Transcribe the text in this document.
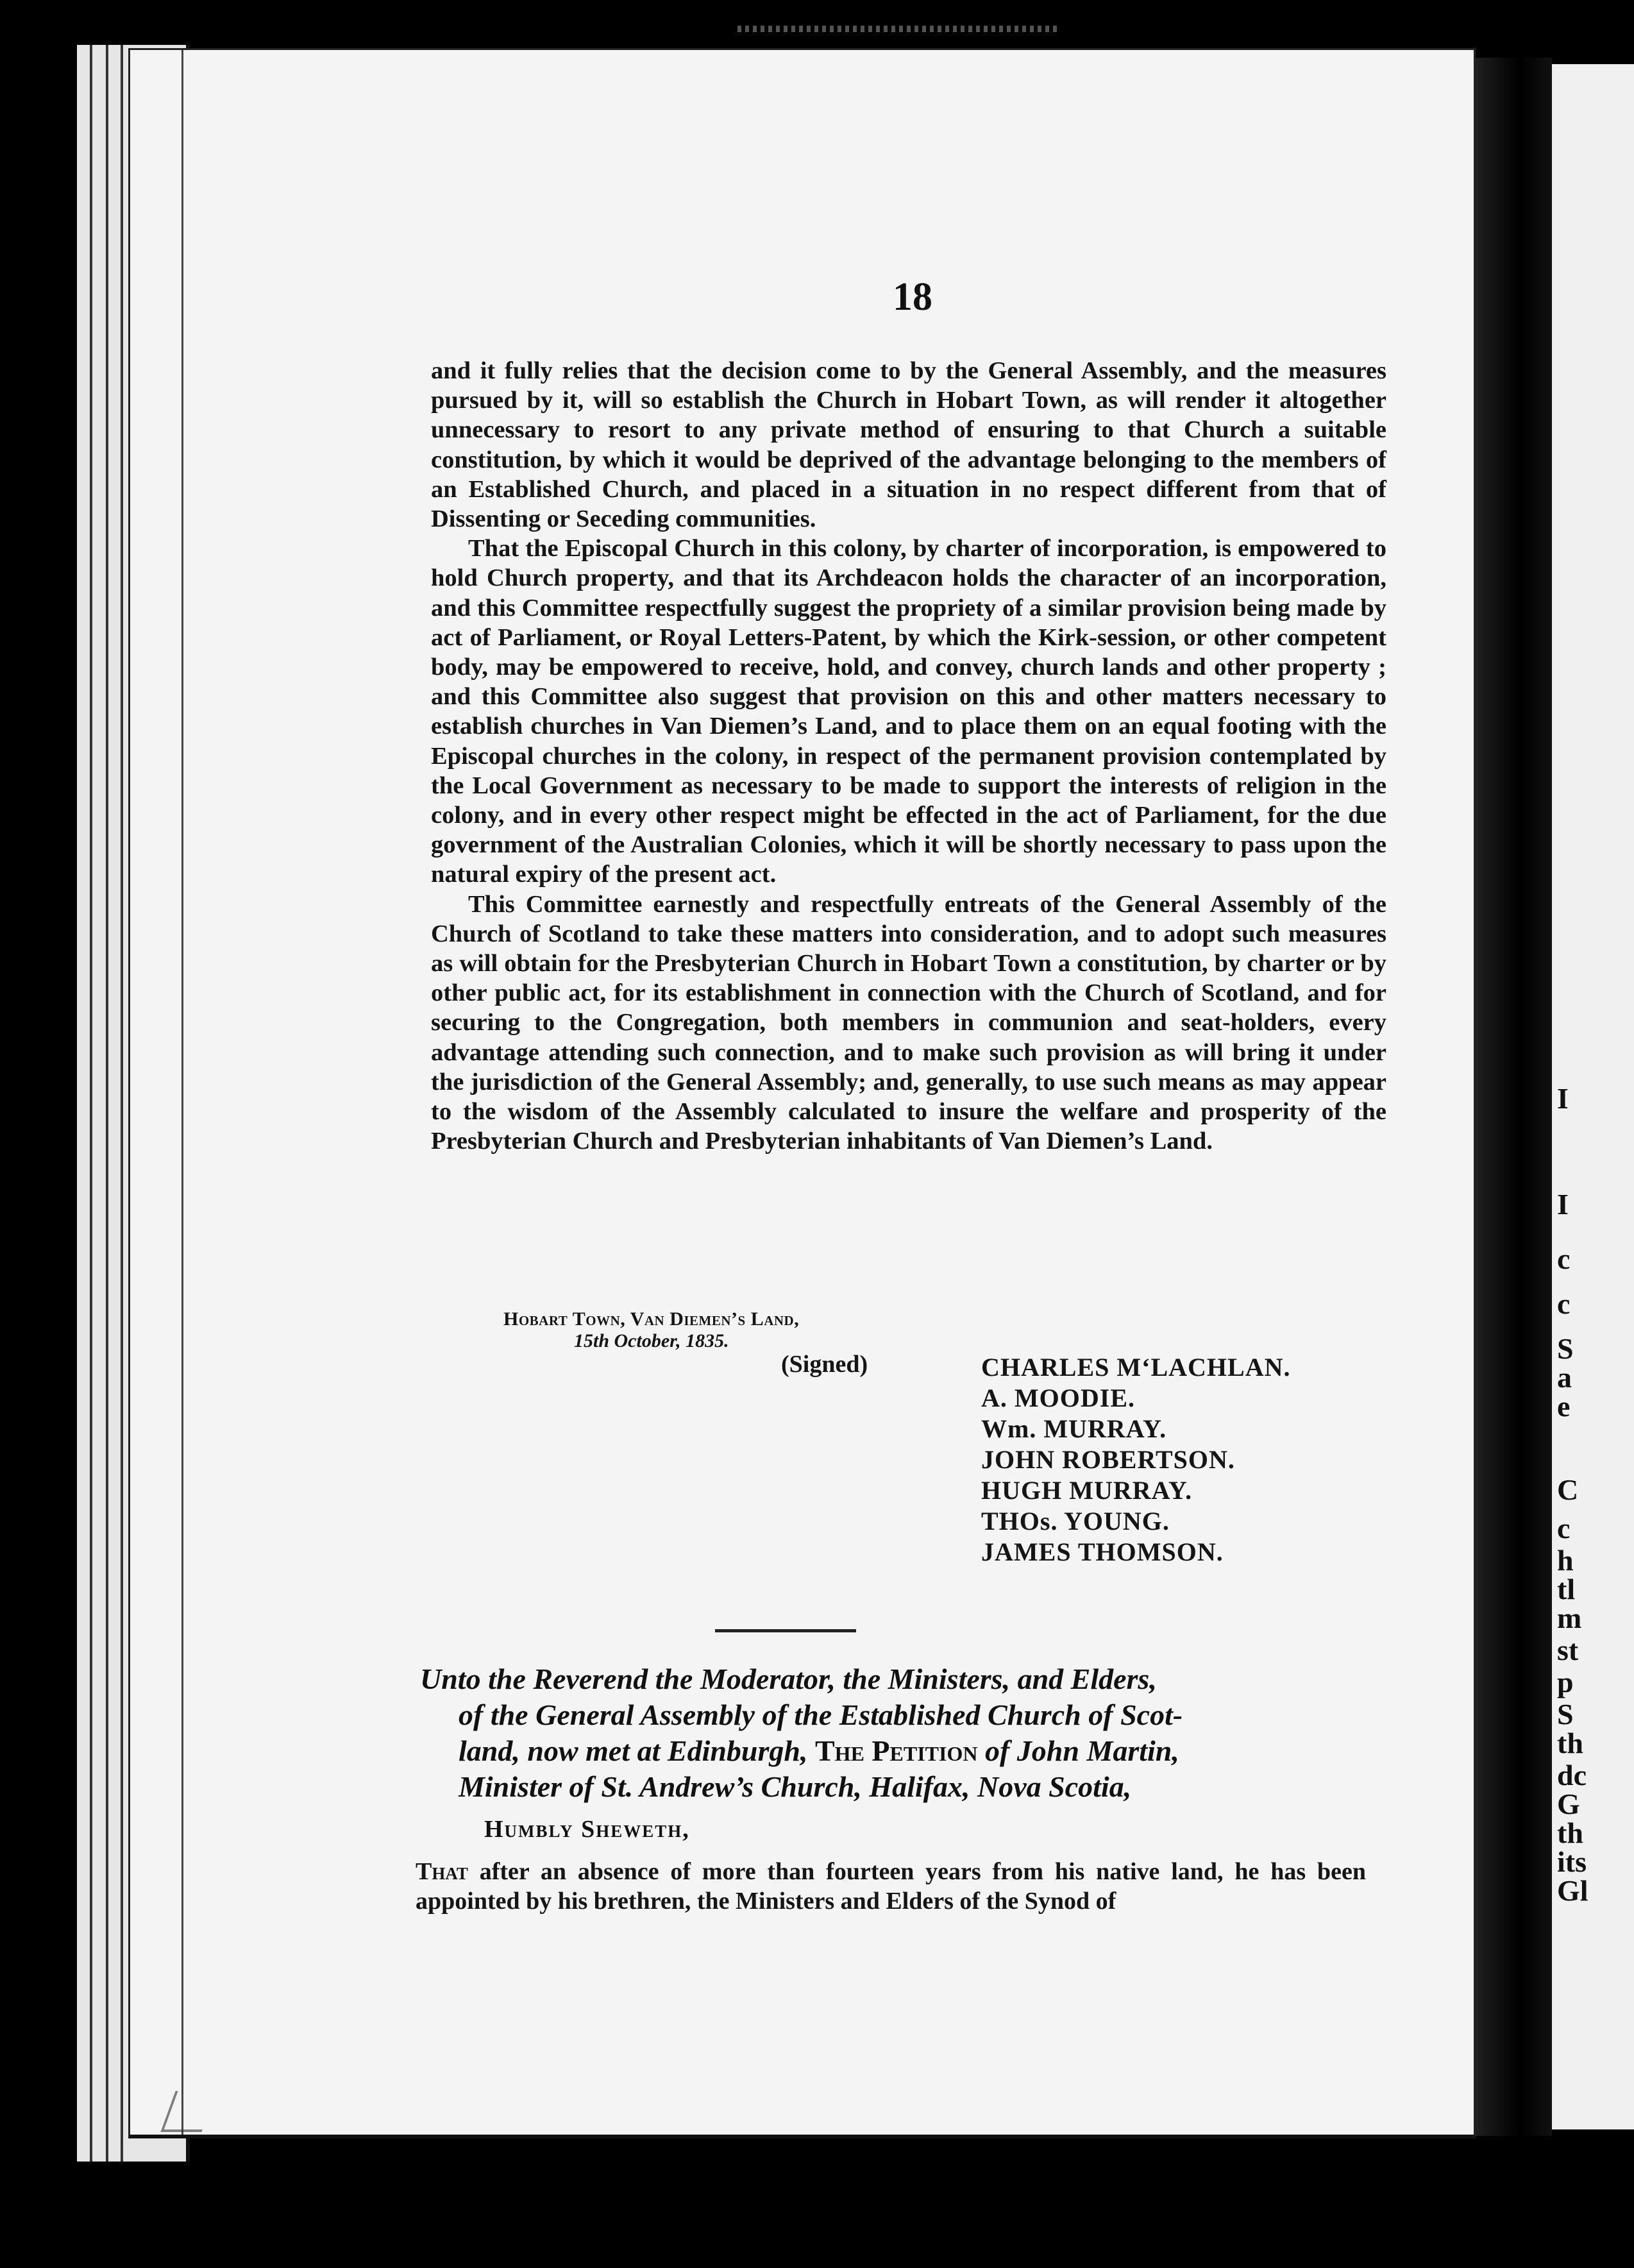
I
I
c
c
S
a
e
C
c
h
tl
m
st
p
S
th
dc
G
th
its
Gl
18

and it fully relies that the decision come to by the General Assembly, and the measures pursued by it, will so establish the Church in Hobart Town, as will render it altogether unnecessary to resort to any private method of ensuring to that Church a suitable constitution, by which it would be deprived of the advantage belonging to the members of an Established Church, and placed in a situation in no respect different from that of Dissenting or Seceding communities.

That the Episcopal Church in this colony, by charter of incorporation, is empowered to hold Church property, and that its Archdeacon holds the character of an incorporation, and this Committee respectfully suggest the propriety of a similar provision being made by act of Parliament, or Royal Letters-Patent, by which the Kirk-session, or other competent body, may be empowered to receive, hold, and convey, church lands and other property ; and this Committee also suggest that provision on this and other matters necessary to establish churches in Van Diemen’s Land, and to place them on an equal footing with the Episcopal churches in the colony, in respect of the permanent provision contemplated by the Local Government as necessary to be made to support the interests of religion in the colony, and in every other respect might be effected in the act of Parliament, for the due government of the Australian Colonies, which it will be shortly necessary to pass upon the natural expiry of the present act.

This Committee earnestly and respectfully entreats of the General Assembly of the Church of Scotland to take these matters into consideration, and to adopt such measures as will obtain for the Presbyterian Church in Hobart Town a constitution, by charter or by other public act, for its establishment in connection with the Church of Scotland, and for securing to the Congregation, both members in communion and seat-holders, every advantage attending such connection, and to make such provision as will bring it under the jurisdiction of the General Assembly; and, generally, to use such means as may appear to the wisdom of the Assembly calculated to insure the welfare and prosperity of the Presbyterian Church and Presbyterian inhabitants of Van Diemen’s Land.

Hobart Town, Van Diemen’s Land,
15th October, 1835.
(Signed)	CHARLES M‘LACHLAN.
A. MOODIE.
Wm. MURRAY.
JOHN ROBERTSON.
HUGH MURRAY.
THOs. YOUNG.
JAMES THOMSON.
Unto the Reverend the Moderator, the Ministers, and Elders,
of the General Assembly of the Established Church of Scot-
land, now met at Edinburgh, The Petition of John Martin,
Minister of St. Andrew’s Church, Halifax, Nova Scotia,
Humbly Sheweth,
That after an absence of more than fourteen years from his native land, he has been appointed by his brethren, the Ministers and Elders of the Synod of
